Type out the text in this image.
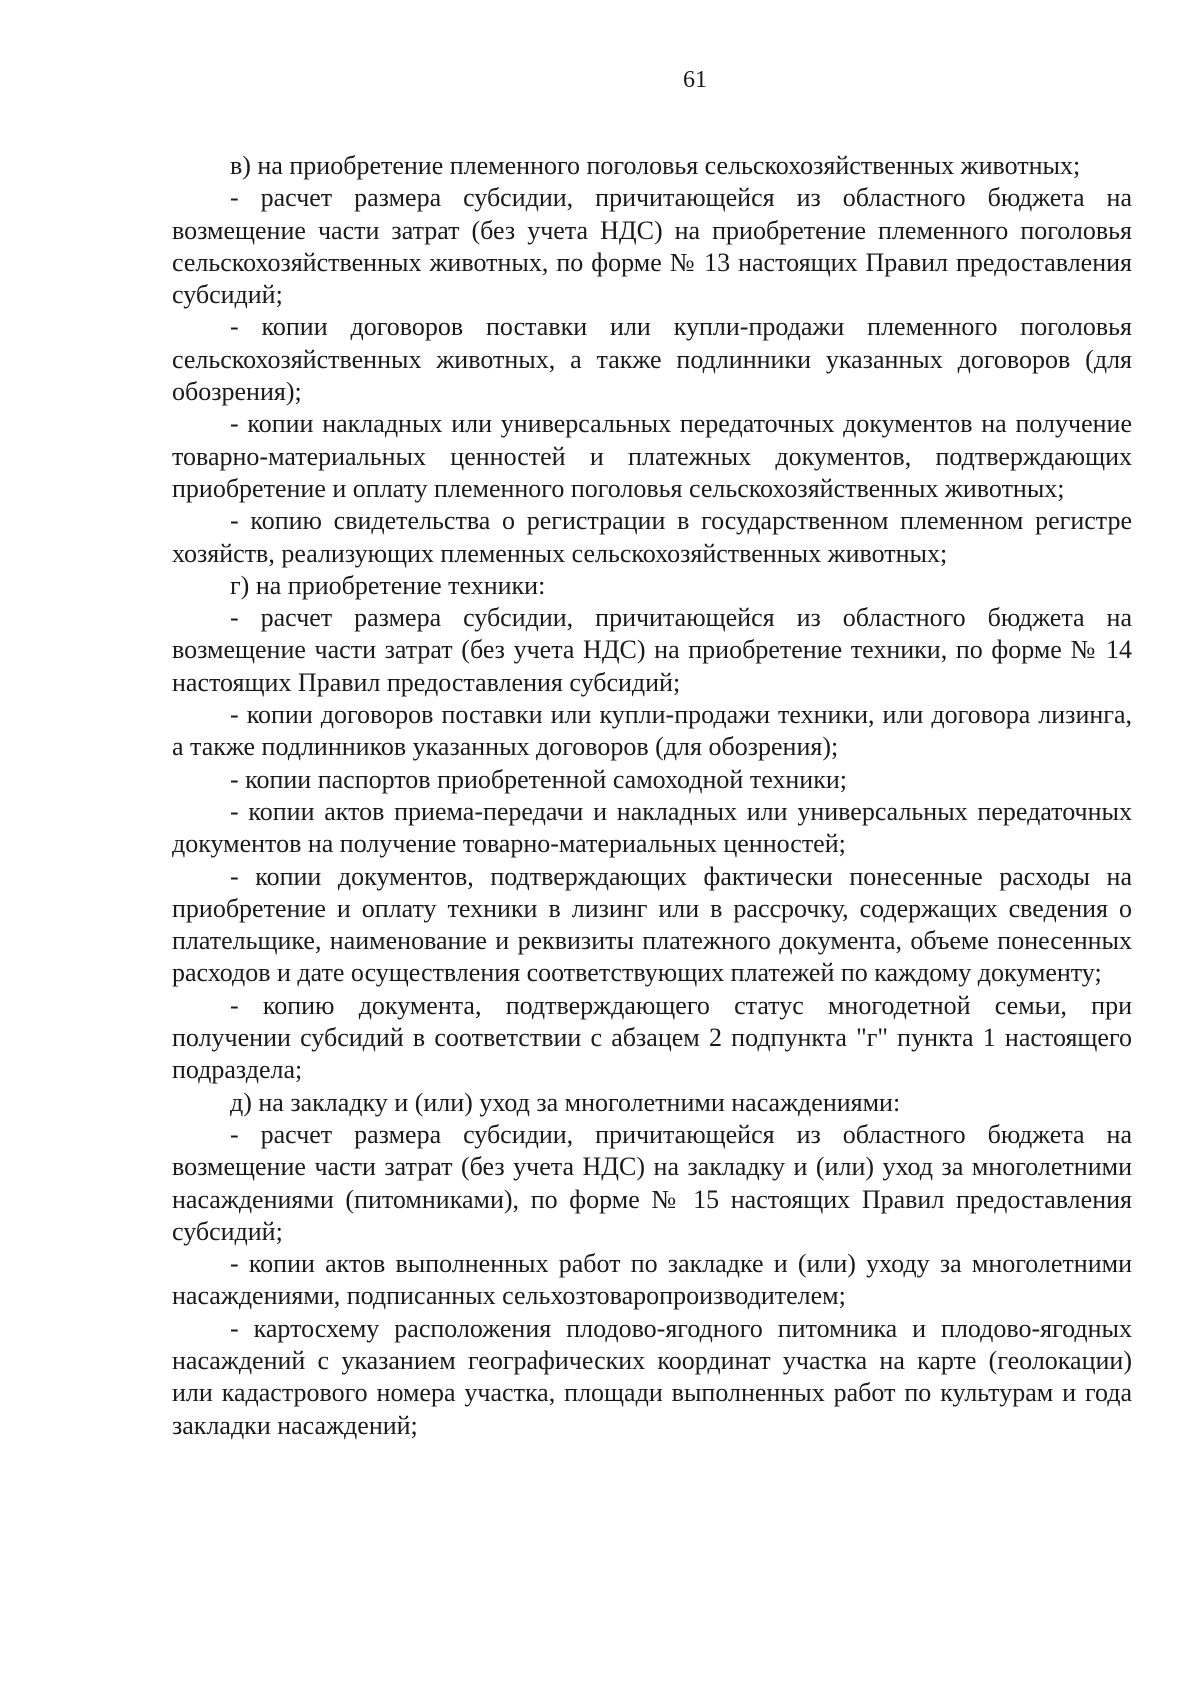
61

в) на приобретение племенного поголовья сельскохозяйственных животных;

- расчет размера субсидии, причитающейся из областного бюджета на возмещение части затрат (без учета НДС) на приобретение племенного поголовья сельскохозяйственных животных, по форме № 13 настоящих Правил предоставления субсидий;

- копии договоров поставки или купли-продажи племенного поголовья сельскохозяйственных животных, а также подлинники указанных договоров (для обозрения);

- копии накладных или универсальных передаточных документов на получение товарно-материальных ценностей и платежных документов, подтверждающих приобретение и оплату племенного поголовья сельскохозяйственных животных;

- копию свидетельства о регистрации в государственном племенном регистре хозяйств, реализующих племенных сельскохозяйственных животных;

г) на приобретение техники:

- расчет размера субсидии, причитающейся из областного бюджета на возмещение части затрат (без учета НДС) на приобретение техники, по форме № 14 настоящих Правил предоставления субсидий;

- копии договоров поставки или купли-продажи техники, или договора лизинга, а также подлинников указанных договоров (для обозрения);

- копии паспортов приобретенной самоходной техники;

- копии актов приема-передачи и накладных или универсальных передаточных документов на получение товарно-материальных ценностей;

- копии документов, подтверждающих фактически понесенные расходы на приобретение и оплату техники в лизинг или в рассрочку, содержащих сведения о плательщике, наименование и реквизиты платежного документа, объеме понесенных расходов и дате осуществления соответствующих платежей по каждому документу;

- копию документа, подтверждающего статус многодетной семьи, при получении субсидий в соответствии с абзацем 2 подпункта "г" пункта 1 настоящего подраздела;

д) на закладку и (или) уход за многолетними насаждениями:

- расчет размера субсидии, причитающейся из областного бюджета на возмещение части затрат (без учета НДС) на закладку и (или) уход за многолетними насаждениями (питомниками), по форме № 15 настоящих Правил предоставления субсидий;

- копии актов выполненных работ по закладке и (или) уходу за многолетними насаждениями, подписанных сельхозтоваропроизводителем;

- картосхему расположения плодово-ягодного питомника и плодово-ягодных насаждений с указанием географических координат участка на карте (геолокации) или кадастрового номера участка, площади выполненных работ по культурам и года закладки насаждений;
